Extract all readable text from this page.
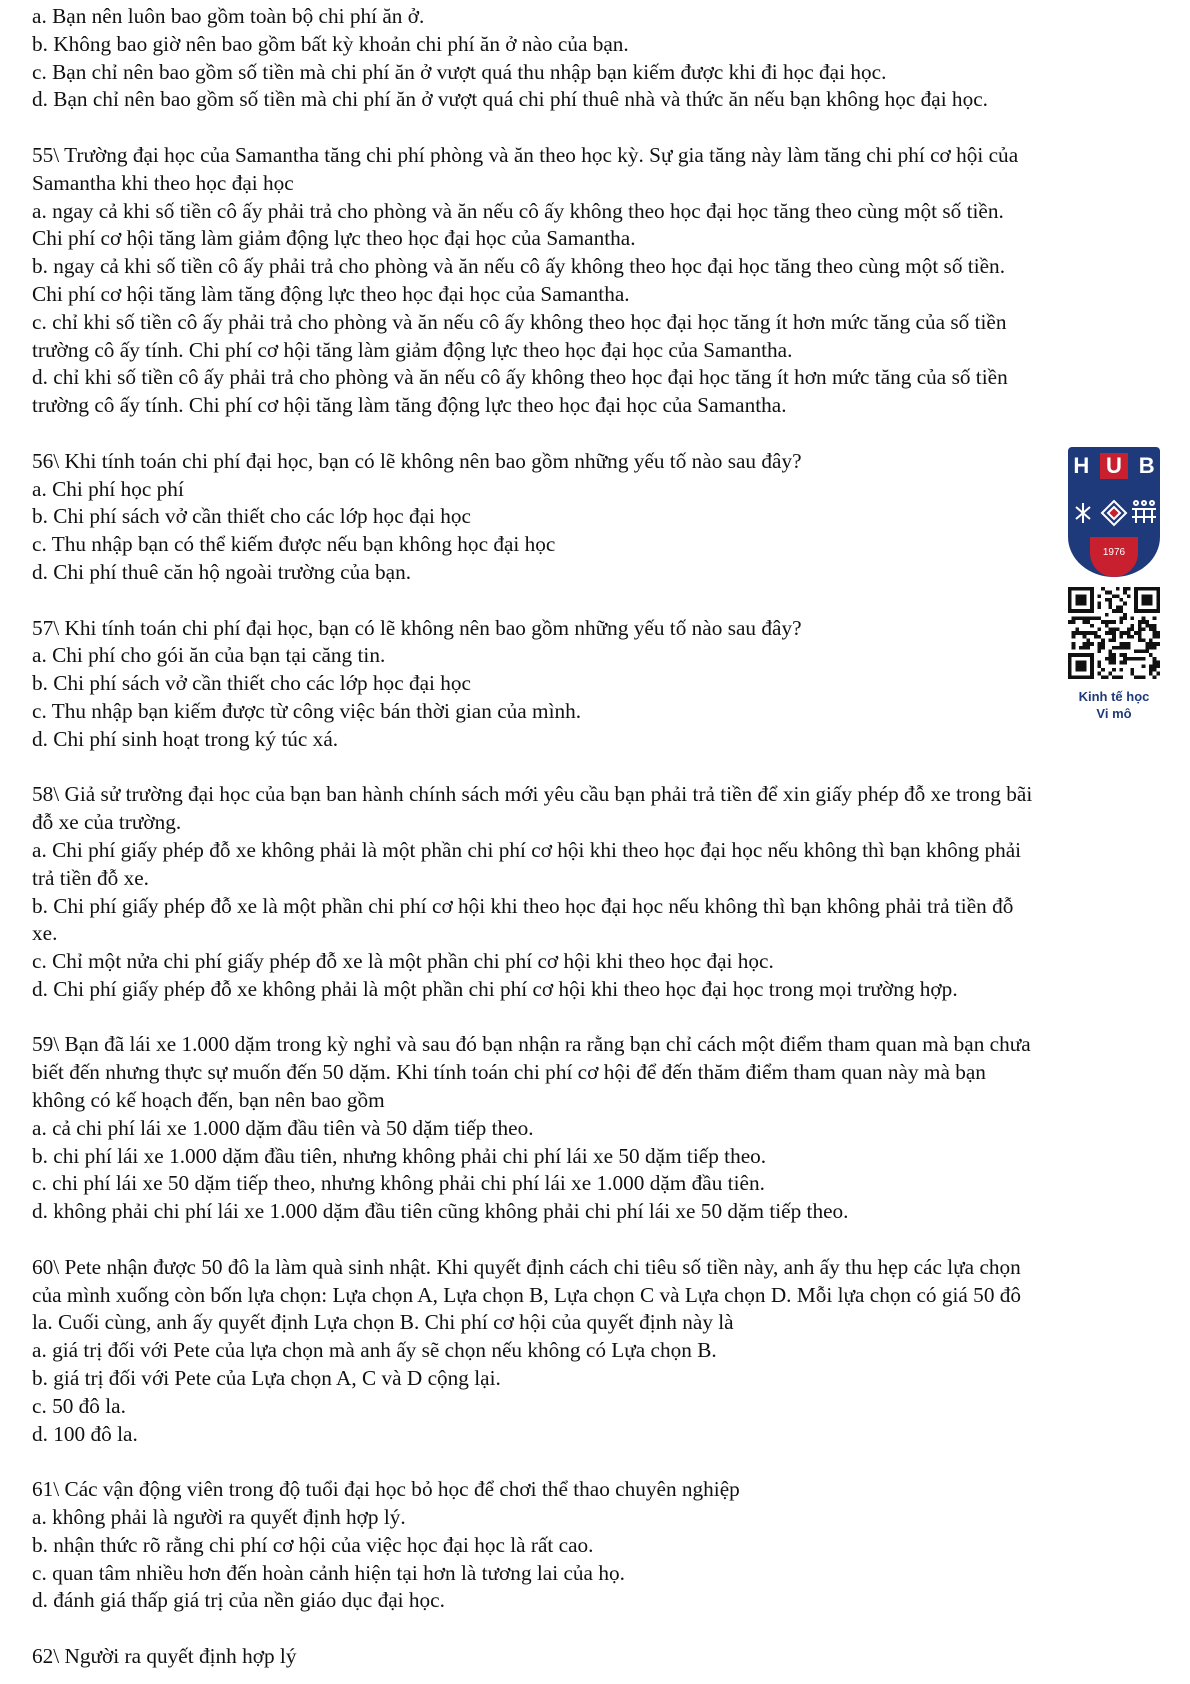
a. Bạn nên luôn bao gồm toàn bộ chi phí ăn ở.
b. Không bao giờ nên bao gồm bất kỳ khoản chi phí ăn ở nào của bạn.
c. Bạn chỉ nên bao gồm số tiền mà chi phí ăn ở vượt quá thu nhập bạn kiếm được khi đi học đại học.
d. Bạn chỉ nên bao gồm số tiền mà chi phí ăn ở vượt quá chi phí thuê nhà và thức ăn nếu bạn không học đại học.
55\ Trường đại học của Samantha tăng chi phí phòng và ăn theo học kỳ. Sự gia tăng này làm tăng chi phí cơ hội của
Samantha khi theo học đại học
a. ngay cả khi số tiền cô ấy phải trả cho phòng và ăn nếu cô ấy không theo học đại học tăng theo cùng một số tiền.
Chi phí cơ hội tăng làm giảm động lực theo học đại học của Samantha.
b. ngay cả khi số tiền cô ấy phải trả cho phòng và ăn nếu cô ấy không theo học đại học tăng theo cùng một số tiền.
Chi phí cơ hội tăng làm tăng động lực theo học đại học của Samantha.
c. chỉ khi số tiền cô ấy phải trả cho phòng và ăn nếu cô ấy không theo học đại học tăng ít hơn mức tăng của số tiền
trường cô ấy tính. Chi phí cơ hội tăng làm giảm động lực theo học đại học của Samantha.
d. chỉ khi số tiền cô ấy phải trả cho phòng và ăn nếu cô ấy không theo học đại học tăng ít hơn mức tăng của số tiền
trường cô ấy tính. Chi phí cơ hội tăng làm tăng động lực theo học đại học của Samantha.
56\ Khi tính toán chi phí đại học, bạn có lẽ không nên bao gồm những yếu tố nào sau đây?
a. Chi phí học phí
b. Chi phí sách vở cần thiết cho các lớp học đại học
c. Thu nhập bạn có thể kiếm được nếu bạn không học đại học
d. Chi phí thuê căn hộ ngoài trường của bạn.
57\ Khi tính toán chi phí đại học, bạn có lẽ không nên bao gồm những yếu tố nào sau đây?
a. Chi phí cho gói ăn của bạn tại căng tin.
b. Chi phí sách vở cần thiết cho các lớp học đại học
c. Thu nhập bạn kiếm được từ công việc bán thời gian của mình.
d. Chi phí sinh hoạt trong ký túc xá.
58\ Giả sử trường đại học của bạn ban hành chính sách mới yêu cầu bạn phải trả tiền để xin giấy phép đỗ xe trong bãi
đỗ xe của trường.
a. Chi phí giấy phép đỗ xe không phải là một phần chi phí cơ hội khi theo học đại học nếu không thì bạn không phải
trả tiền đỗ xe.
b. Chi phí giấy phép đỗ xe là một phần chi phí cơ hội khi theo học đại học nếu không thì bạn không phải trả tiền đỗ
xe.
c. Chỉ một nửa chi phí giấy phép đỗ xe là một phần chi phí cơ hội khi theo học đại học.
d. Chi phí giấy phép đỗ xe không phải là một phần chi phí cơ hội khi theo học đại học trong mọi trường hợp.
59\ Bạn đã lái xe 1.000 dặm trong kỳ nghỉ và sau đó bạn nhận ra rằng bạn chỉ cách một điểm tham quan mà bạn chưa
biết đến nhưng thực sự muốn đến 50 dặm. Khi tính toán chi phí cơ hội để đến thăm điểm tham quan này mà bạn
không có kế hoạch đến, bạn nên bao gồm
a. cả chi phí lái xe 1.000 dặm đầu tiên và 50 dặm tiếp theo.
b. chi phí lái xe 1.000 dặm đầu tiên, nhưng không phải chi phí lái xe 50 dặm tiếp theo.
c. chi phí lái xe 50 dặm tiếp theo, nhưng không phải chi phí lái xe 1.000 dặm đầu tiên.
d. không phải chi phí lái xe 1.000 dặm đầu tiên cũng không phải chi phí lái xe 50 dặm tiếp theo.
60\ Pete nhận được 50 đô la làm quà sinh nhật. Khi quyết định cách chi tiêu số tiền này, anh ấy thu hẹp các lựa chọn
của mình xuống còn bốn lựa chọn: Lựa chọn A, Lựa chọn B, Lựa chọn C và Lựa chọn D. Mỗi lựa chọn có giá 50 đô
la. Cuối cùng, anh ấy quyết định Lựa chọn B. Chi phí cơ hội của quyết định này là
a. giá trị đối với Pete của lựa chọn mà anh ấy sẽ chọn nếu không có Lựa chọn B.
b. giá trị đối với Pete của Lựa chọn A, C và D cộng lại.
c. 50 đô la.
d. 100 đô la.
61\ Các vận động viên trong độ tuổi đại học bỏ học để chơi thể thao chuyên nghiệp
a. không phải là người ra quyết định hợp lý.
b. nhận thức rõ rằng chi phí cơ hội của việc học đại học là rất cao.
c. quan tâm nhiều hơn đến hoàn cảnh hiện tại hơn là tương lai của họ.
d. đánh giá thấp giá trị của nền giáo dục đại học.
62\ Người ra quyết định hợp lý
H U B
1976
Kinh tế học
Vi mô
